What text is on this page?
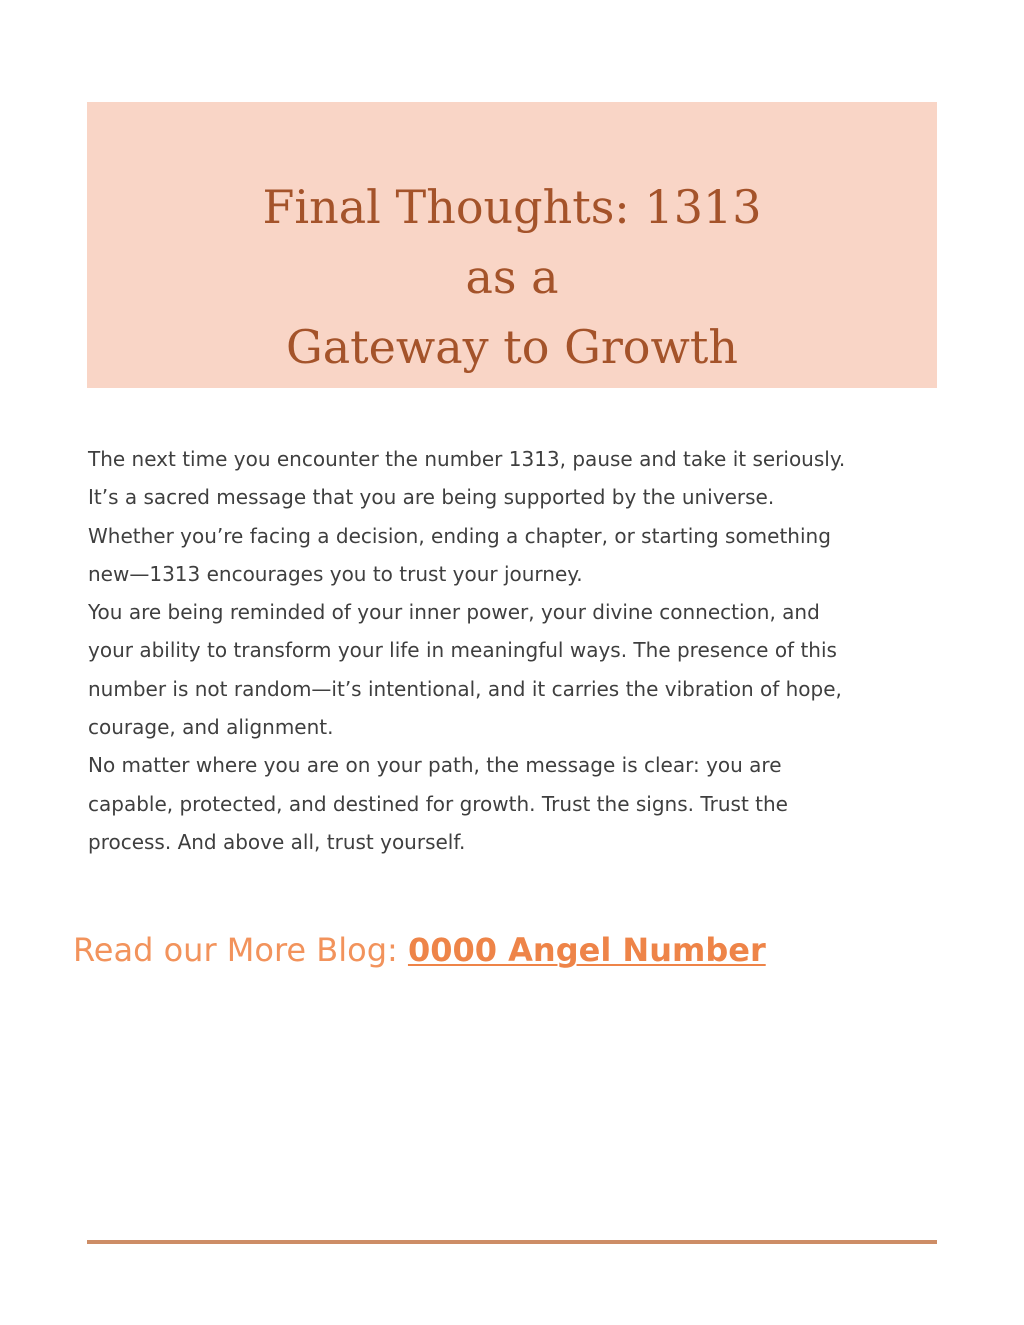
Final Thoughts: 1313 as a
Gateway to Growth

The next time you encounter the number 1313, pause and take it seriously.

It’s a sacred message that you are being supported by the universe.

Whether you’re facing a decision, ending a chapter, or starting something

new—1313 encourages you to trust your journey.

You are being reminded of your inner power, your divine connection, and

your ability to transform your life in meaningful ways. The presence of this

number is not random—it’s intentional, and it carries the vibration of hope,

courage, and alignment.

No matter where you are on your path, the message is clear: you are

capable, protected, and destined for growth. Trust the signs. Trust the

process. And above all, trust yourself.

Read our More Blog: 0000 Angel Number
